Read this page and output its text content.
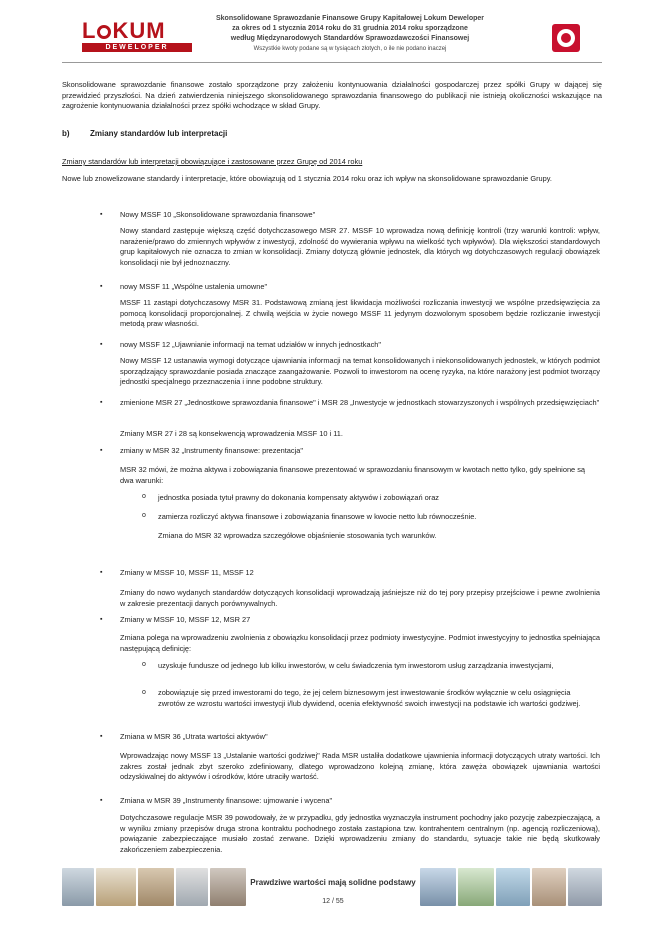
L KUM
DEWELOPER
Skonsolidowane Sprawozdanie Finansowe Grupy Kapitałowej Lokum Deweloper
za okres od 1 stycznia 2014 roku do 31 grudnia 2014 roku sporządzone
według Międzynarodowych Standardów Sprawozdawczości Finansowej
Wszystkie kwoty podane są w tysiącach złotych, o ile nie podano inaczej
Skonsolidowane sprawozdanie finansowe zostało sporządzone przy założeniu kontynuowania działalności gospodarczej przez spółki Grupy w dającej się przewidzieć przyszłości. Na dzień zatwierdzenia niniejszego skonsolidowanego sprawozdania finansowego do publikacji nie istnieją okoliczności wskazujące na zagrożenie kontynuowania działalności przez spółki wchodzące w skład Grupy.
b)	Zmiany standardów lub interpretacji
Zmiany standardów lub interpretacji obowiązujące i zastosowane przez Grupę od 2014 roku
Nowe lub znowelizowane standardy i interpretacje, które obowiązują od 1 stycznia 2014 roku oraz ich wpływ na skonsolidowane sprawozdanie Grupy.
▪ Nowy MSSF 10 „Skonsolidowane sprawozdania finansowe"
Nowy standard zastępuje większą część dotychczasowego MSR 27. MSSF 10 wprowadza nową definicję kontroli (trzy warunki kontroli: wpływ, narażenie/prawo do zmiennych wpływów z inwestycji, zdolność do wywierania wpływu na wielkość tych wpływów). Dla większości standardowych grup kapitałowych nie oznacza to zmian w konsolidacji. Zmiany dotyczą głównie jednostek, dla których wg dotychczasowych regulacji obowiązek konsolidacji nie był jednoznaczny.
▪ nowy MSSF 11 „Wspólne ustalenia umowne"
MSSF 11 zastąpi dotychczasowy MSR 31. Podstawową zmianą jest likwidacja możliwości rozliczania inwestycji we wspólne przedsięwzięcia za pomocą konsolidacji proporcjonalnej. Z chwilą wejścia w życie nowego MSSF 11 jedynym dozwolonym sposobem będzie rozliczanie inwestycji metodą praw własności.
▪ nowy MSSF 12 „Ujawnianie informacji na temat udziałów w innych jednostkach"
Nowy MSSF 12 ustanawia wymogi dotyczące ujawniania informacji na temat konsolidowanych i niekonsolidowanych jednostek, w których podmiot sporządzający sprawozdanie posiada znaczące zaangażowanie. Pozwoli to inwestorom na ocenę ryzyka, na które narażony jest podmiot tworzący jednostki specjalnego przeznaczenia i inne podobne struktury.
▪ zmienione MSR 27 „Jednostkowe sprawozdania finansowe" i MSR 28 „Inwestycje w jednostkach stowarzyszonych i wspólnych przedsięwzięciach"
Zmiany MSR 27 i 28 są konsekwencją wprowadzenia MSSF 10 i 11.
▪ zmiany w MSR 32 „Instrumenty finansowe: prezentacja"
MSR 32 mówi, że można aktywa i zobowiązania finansowe prezentować w sprawozdaniu finansowym w kwotach netto tylko, gdy spełnione są dwa warunki:
o jednostka posiada tytuł prawny do dokonania kompensaty aktywów i zobowiązań oraz
o zamierza rozliczyć aktywa finansowe i zobowiązania finansowe w kwocie netto lub równocześnie.
Zmiana do MSR 32 wprowadza szczegółowe objaśnienie stosowania tych warunków.
▪ Zmiany w MSSF 10, MSSF 11, MSSF 12
Zmiany do nowo wydanych standardów dotyczących konsolidacji wprowadzają jaśniejsze niż do tej pory przepisy przejściowe i pewne zwolnienia w zakresie prezentacji danych porównywalnych.
▪ Zmiany w MSSF 10, MSSF 12, MSR 27
Zmiana polega na wprowadzeniu zwolnienia z obowiązku konsolidacji przez podmioty inwestycyjne. Podmiot inwestycyjny to jednostka spełniająca następującą definicję:
o uzyskuje fundusze od jednego lub kilku inwestorów, w celu świadczenia tym inwestorom usług zarządzania inwestycjami,
o zobowiązuje się przed inwestorami do tego, że jej celem biznesowym jest inwestowanie środków wyłącznie w celu osiągnięcia zwrotów ze wzrostu wartości inwestycji i/lub dywidend, ocenia efektywność swoich inwestycji na podstawie ich wartości godziwej.
▪ Zmiana w MSR 36 „Utrata wartości aktywów"
Wprowadzając nowy MSSF 13 „Ustalanie wartości godziwej" Rada MSR ustaliła dodatkowe ujawnienia informacji dotyczących utraty wartości. Ich zakres został jednak zbyt szeroko zdefiniowany, dlatego wprowadzono kolejną zmianę, która zawęża obowiązek ujawniania wartości odzyskiwalnej do aktywów i ośrodków, które utraciły wartość.
▪ Zmiana w MSR 39 „Instrumenty finansowe: ujmowanie i wycena"
Dotychczasowe regulacje MSR 39 powodowały, że w przypadku, gdy jednostka wyznaczyła instrument pochodny jako pozycję zabezpieczającą, a w wyniku zmiany przepisów druga strona kontraktu pochodnego została zastąpiona tzw. kontrahentem centralnym (np. agencją rozliczeniową), powiązanie zabezpieczające musiało zostać zerwane. Dzięki wprowadzeniu zmiany do standardu, sytuacje takie nie będą skutkowały zakończeniem zabezpieczenia.
Prawdziwe wartości mają solidne podstawy
12 / 55
